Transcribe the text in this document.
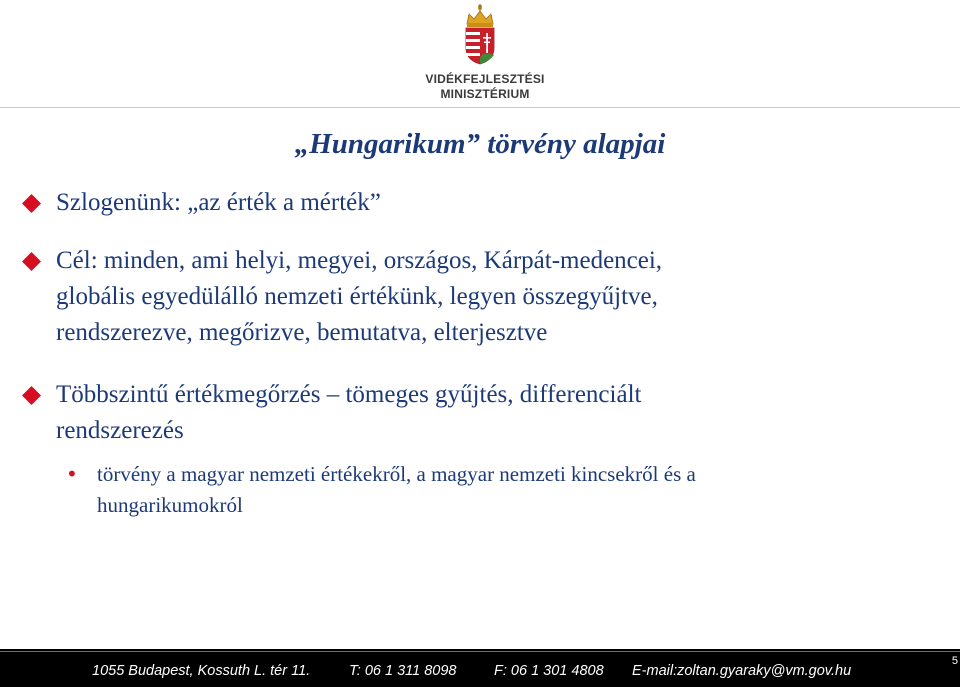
VIDÉKFEJLESZTÉSI
MINISZTÉRIUM
„Hungarikum” törvény alapjai
Szlogenünk: „az érték a mérték”
Cél: minden, ami helyi, megyei, országos, Kárpát-medencei,
globális egyedülálló nemzeti értékünk, legyen összegyűjtve,
rendszerezve, megőrizve, bemutatva, elterjesztve
Többszintű értékmegőrzés – tömeges gyűjtés, differenciált
rendszerezés
• törvény a magyar nemzeti értékekről, a magyar nemzeti kincsekről és a
hungarikumokról
1055 Budapest, Kossuth L. tér 11.	T: 06 1 311 8098	F: 06 1 301 4808 E-mail:zoltan.gyaraky@vm.gov.hu
5
